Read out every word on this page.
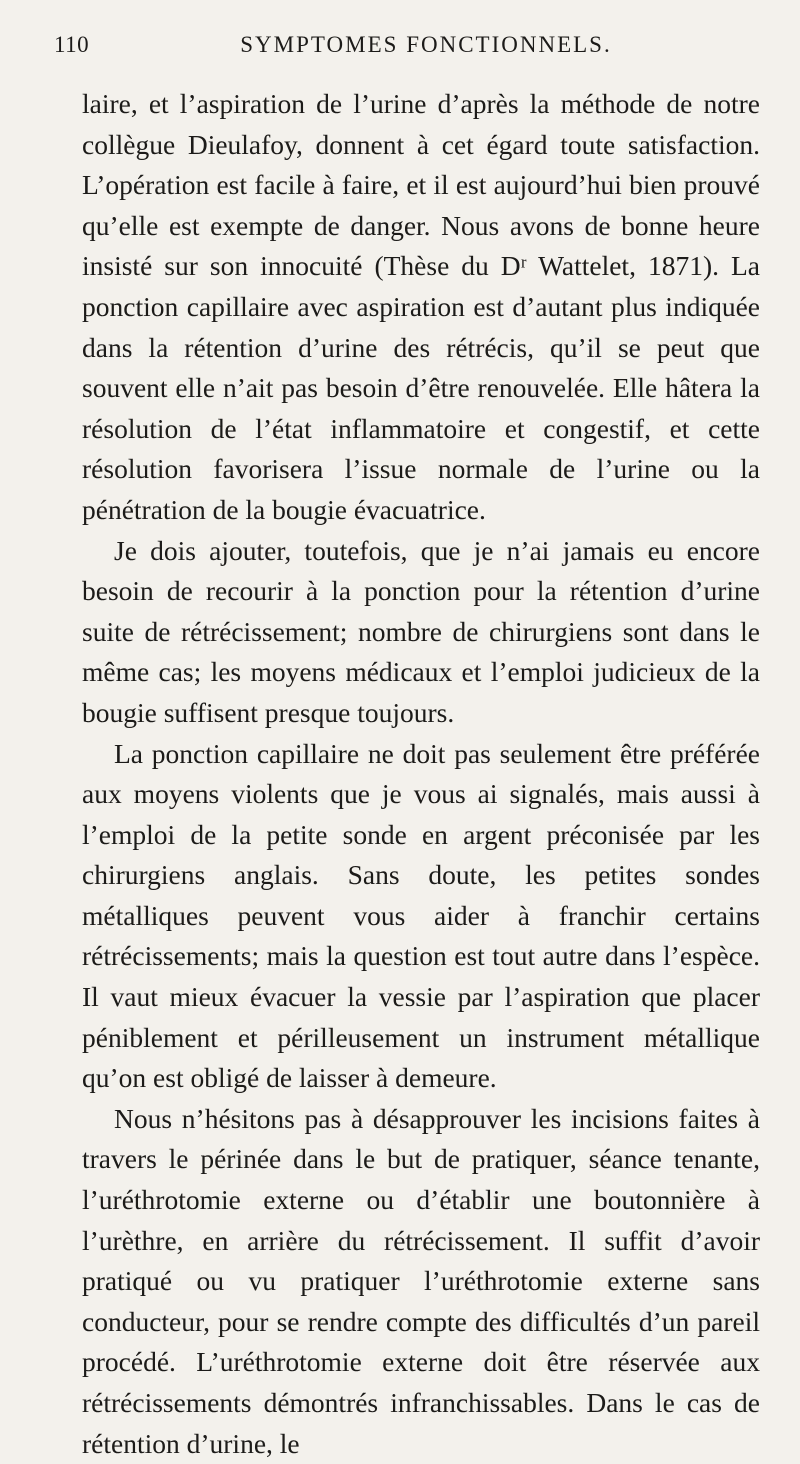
110	SYMPTOMES FONCTIONNELS.

laire, et l’aspiration de l’urine d’après la méthode de notre collègue Dieulafoy, donnent à cet égard toute satisfaction. L’opération est facile à faire, et il est aujourd’hui bien prouvé qu’elle est exempte de danger. Nous avons de bonne heure insisté sur son innocuité (Thèse du Dʳ Wattelet, 1871). La ponction capillaire avec aspiration est d’autant plus indiquée dans la rétention d’urine des rétrécis, qu’il se peut que souvent elle n’ait pas besoin d’être renouvelée. Elle hâtera la résolution de l’état inflammatoire et congestif, et cette résolution favorisera l’issue normale de l’urine ou la pénétration de la bougie évacuatrice.

Je dois ajouter, toutefois, que je n’ai jamais eu encore besoin de recourir à la ponction pour la rétention d’urine suite de rétrécissement; nombre de chirurgiens sont dans le même cas; les moyens médicaux et l’emploi judicieux de la bougie suffisent presque toujours.

La ponction capillaire ne doit pas seulement être préférée aux moyens violents que je vous ai signalés, mais aussi à l’emploi de la petite sonde en argent préconisée par les chirurgiens anglais. Sans doute, les petites sondes métalliques peuvent vous aider à franchir certains rétrécissements; mais la question est tout autre dans l’espèce. Il vaut mieux évacuer la vessie par l’aspiration que placer péniblement et périlleusement un instrument métallique qu’on est obligé de laisser à demeure.

Nous n’hésitons pas à désapprouver les incisions faites à travers le périnée dans le but de pratiquer, séance tenante, l’uréthrotomie externe ou d’établir une boutonnière à l’urèthre, en arrière du rétrécissement. Il suffit d’avoir pratiqué ou vu pratiquer l’uréthrotomie externe sans conducteur, pour se rendre compte des difficultés d’un pareil procédé. L’uréthrotomie externe doit être réservée aux rétrécissements démontrés infranchissables. Dans le cas de rétention d’urine, le
